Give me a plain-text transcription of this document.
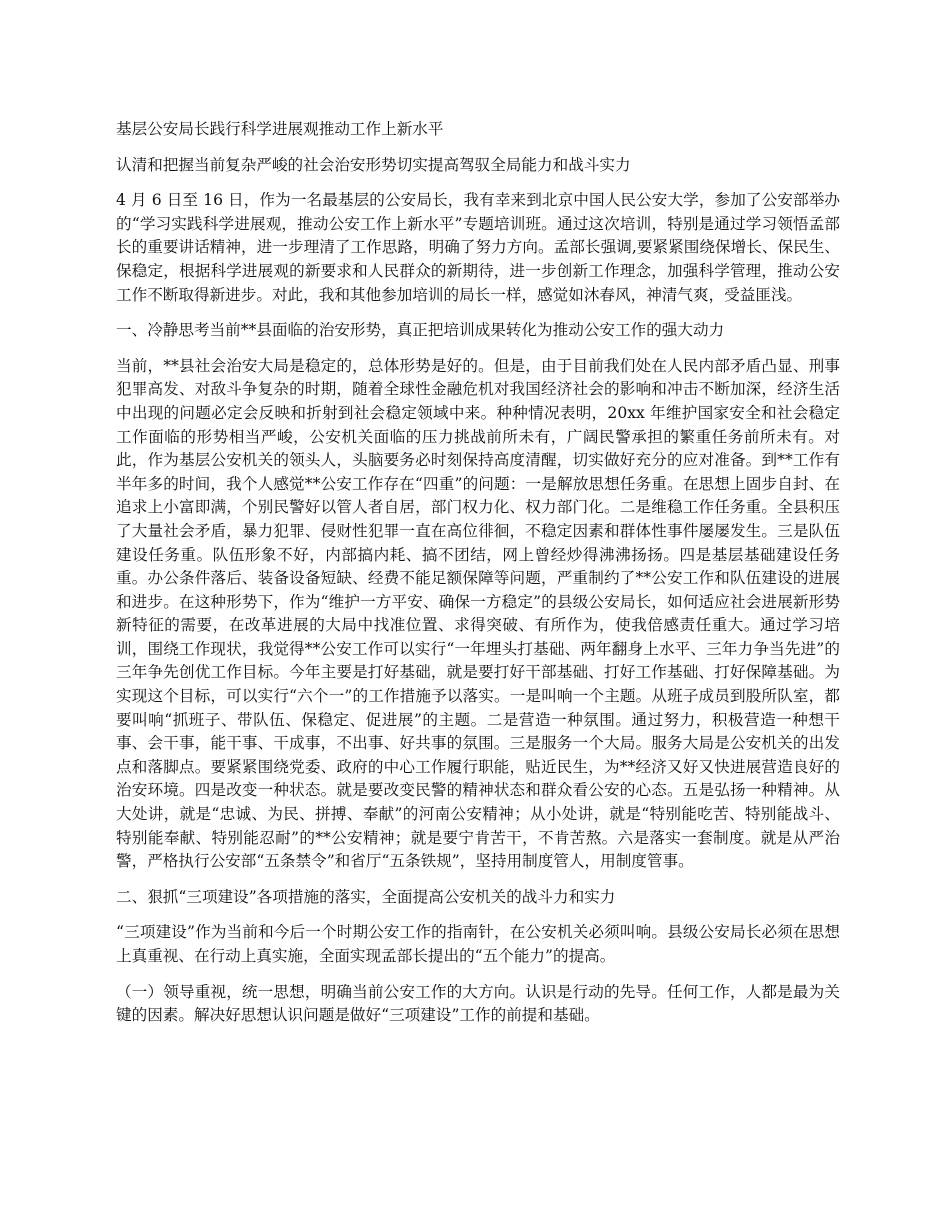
基层公安局长践行科学进展观推动工作上新水平

认清和把握当前复杂严峻的社会治安形势切实提高驾驭全局能力和战斗实力

4 月 6 日至 16 日，作为一名最基层的公安局长，我有幸来到北京中国人民公安大学，参加了公安部举办的“学习实践科学进展观，推动公安工作上新水平”专题培训班。通过这次培训，特别是通过学习领悟孟部长的重要讲话精神，进一步理清了工作思路，明确了努力方向。孟部长强调,要紧紧围绕保增长、保民生、保稳定，根据科学进展观的新要求和人民群众的新期待，进一步创新工作理念，加强科学管理，推动公安工作不断取得新进步。对此，我和其他参加培训的局长一样，感觉如沐春风，神清气爽，受益匪浅。

一、冷静思考当前**县面临的治安形势，真正把培训成果转化为推动公安工作的强大动力

当前，**县社会治安大局是稳定的，总体形势是好的。但是，由于目前我们处在人民内部矛盾凸显、刑事犯罪高发、对敌斗争复杂的时期，随着全球性金融危机对我国经济社会的影响和冲击不断加深，经济生活中出现的问题必定会反映和折射到社会稳定领域中来。种种情况表明，20xx 年维护国家安全和社会稳定工作面临的形势相当严峻，公安机关面临的压力挑战前所未有，广阔民警承担的繁重任务前所未有。对此，作为基层公安机关的领头人，头脑要务必时刻保持高度清醒，切实做好充分的应对准备。到**工作有半年多的时间，我个人感觉**公安工作存在“四重”的问题：一是解放思想任务重。在思想上固步自封、在追求上小富即满，个别民警好以管人者自居，部门权力化、权力部门化。二是维稳工作任务重。全县积压了大量社会矛盾，暴力犯罪、侵财性犯罪一直在高位徘徊，不稳定因素和群体性事件屡屡发生。三是队伍建设任务重。队伍形象不好，内部搞内耗、搞不团结，网上曾经炒得沸沸扬扬。四是基层基础建设任务重。办公条件落后、装备设备短缺、经费不能足额保障等问题，严重制约了**公安工作和队伍建设的进展和进步。在这种形势下，作为“维护一方平安、确保一方稳定”的县级公安局长，如何适应社会进展新形势新特征的需要，在改革进展的大局中找准位置、求得突破、有所作为，使我倍感责任重大。通过学习培训，围绕工作现状，我觉得**公安工作可以实行“一年埋头打基础、两年翻身上水平、三年力争当先进”的三年争先创优工作目标。今年主要是打好基础，就是要打好干部基础、打好工作基础、打好保障基础。为实现这个目标，可以实行“六个一”的工作措施予以落实。一是叫响一个主题。从班子成员到股所队室，都要叫响“抓班子、带队伍、保稳定、促进展”的主题。二是营造一种氛围。通过努力，积极营造一种想干事、会干事，能干事、干成事，不出事、好共事的氛围。三是服务一个大局。服务大局是公安机关的出发点和落脚点。要紧紧围绕党委、政府的中心工作履行职能，贴近民生，为**经济又好又快进展营造良好的治安环境。四是改变一种状态。就是要改变民警的精神状态和群众看公安的心态。五是弘扬一种精神。从大处讲，就是“忠诚、为民、拼搏、奉献”的河南公安精神；从小处讲，就是“特别能吃苦、特别能战斗、特别能奉献、特别能忍耐”的**公安精神；就是要宁肯苦干，不肯苦熬。六是落实一套制度。就是从严治警，严格执行公安部“五条禁令”和省厅“五条铁规”，坚持用制度管人，用制度管事。

二、狠抓“三项建设”各项措施的落实，全面提高公安机关的战斗力和实力

“三项建设”作为当前和今后一个时期公安工作的指南针，在公安机关必须叫响。县级公安局长必须在思想上真重视、在行动上真实施，全面实现孟部长提出的“五个能力”的提高。

（一）领导重视，统一思想，明确当前公安工作的大方向。认识是行动的先导。任何工作，人都是最为关键的因素。解决好思想认识问题是做好“三项建设”工作的前提和基础。
